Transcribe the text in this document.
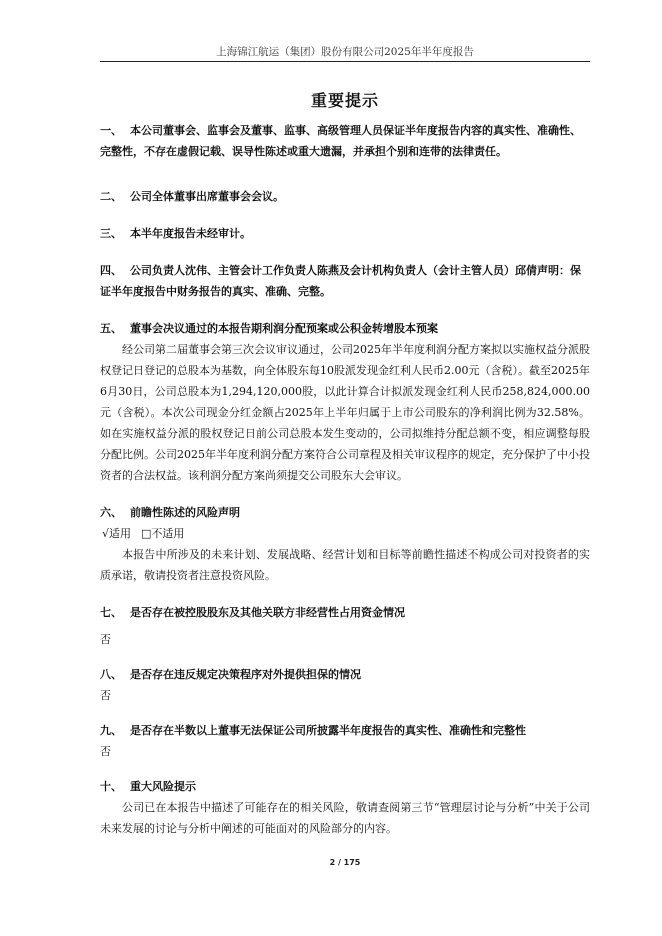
上海锦江航运（集团）股份有限公司2025年半年度报告
重要提示

一、 本公司董事会、监事会及董事、监事、高级管理人员保证半年度报告内容的真实性、准确性、完整性，不存在虚假记载、误导性陈述或重大遗漏，并承担个别和连带的法律责任。

二、 公司全体董事出席董事会会议。

三、 本半年度报告未经审计。

四、 公司负责人沈伟、主管会计工作负责人陈燕及会计机构负责人（会计主管人员）邱倩声明：保证半年度报告中财务报告的真实、准确、完整。

五、 董事会决议通过的本报告期利润分配预案或公积金转增股本预案

经公司第二届董事会第三次会议审议通过，公司2025年半年度利润分配方案拟以实施权益分派股权登记日登记的总股本为基数，向全体股东每10股派发现金红利人民币2.00元（含税）。截至2025年6月30日，公司总股本为1,294,120,000股，以此计算合计拟派发现金红利人民币258,824,000.00元（含税）。本次公司现金分红金额占2025年上半年归属于上市公司股东的净利润比例为32.58%。如在实施权益分派的股权登记日前公司总股本发生变动的，公司拟维持分配总额不变，相应调整每股分配比例。公司2025年半年度利润分配方案符合公司章程及相关审议程序的规定，充分保护了中小投资者的合法权益。该利润分配方案尚须提交公司股东大会审议。

六、 前瞻性陈述的风险声明

√适用 □不适用

本报告中所涉及的未来计划、发展战略、经营计划和目标等前瞻性描述不构成公司对投资者的实质承诺，敬请投资者注意投资风险。

七、 是否存在被控股股东及其他关联方非经营性占用资金情况

否

八、 是否存在违反规定决策程序对外提供担保的情况

否

九、 是否存在半数以上董事无法保证公司所披露半年度报告的真实性、准确性和完整性

否

十、 重大风险提示

公司已在本报告中描述了可能存在的相关风险，敬请查阅第三节“管理层讨论与分析”中关于公司未来发展的讨论与分析中阐述的可能面对的风险部分的内容。

2 / 175
